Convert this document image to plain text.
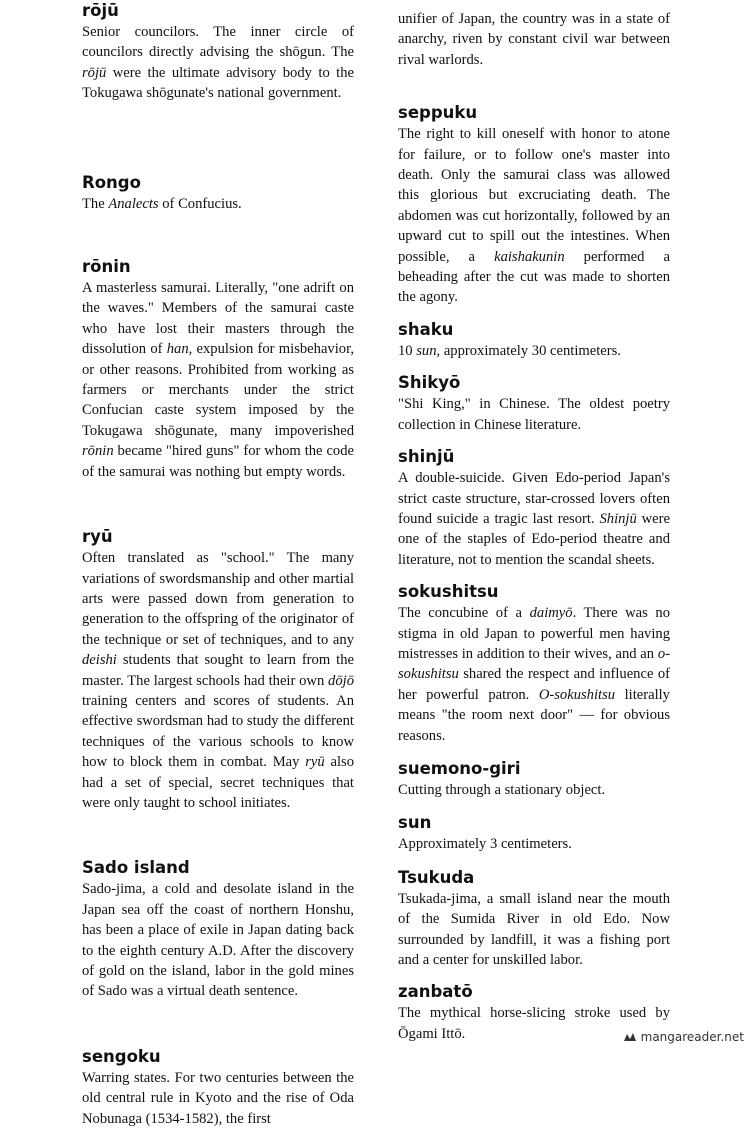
rōjū

Senior councilors. The inner circle of councilors directly advising the shōgun. The rōjū were the ultimate advisory body to the Tokugawa shōgunate's national government.

Rongo

The Analects of Confucius.

rōnin

A masterless samurai. Literally, "one adrift on the waves." Members of the samurai caste who have lost their masters through the dissolution of han, expulsion for misbehavior, or other reasons. Prohibited from working as farmers or merchants under the strict Confucian caste system imposed by the Tokugawa shōgunate, many impoverished rōnin became "hired guns" for whom the code of the samurai was nothing but empty words.

ryū

Often translated as "school." The many variations of swordsmanship and other martial arts were passed down from generation to generation to the offspring of the originator of the technique or set of techniques, and to any deishi students that sought to learn from the master. The largest schools had their own dōjō training centers and scores of students. An effective swordsman had to study the different techniques of the various schools to know how to block them in combat. May ryū also had a set of special, secret techniques that were only taught to school initiates.

Sado island

Sado-jima, a cold and desolate island in the Japan sea off the coast of northern Honshu, has been a place of exile in Japan dating back to the eighth century A.D. After the discovery of gold on the island, labor in the gold mines of Sado was a virtual death sentence.

sengoku

Warring states. For two centuries between the old central rule in Kyoto and the rise of Oda Nobunaga (1534-1582), the first

unifier of Japan, the country was in a state of anarchy, riven by constant civil war between rival warlords.

seppuku

The right to kill oneself with honor to atone for failure, or to follow one's master into death. Only the samurai class was allowed this glorious but excruciating death. The abdomen was cut horizontally, followed by an upward cut to spill out the intestines. When possible, a kaishakunin performed a beheading after the cut was made to shorten the agony.

shaku

10 sun, approximately 30 centimeters.

Shikyō

"Shi King," in Chinese. The oldest poetry collection in Chinese literature.

shinjū

A double-suicide. Given Edo-period Japan's strict caste structure, star-crossed lovers often found suicide a tragic last resort. Shinjū were one of the staples of Edo-period theatre and literature, not to mention the scandal sheets.

sokushitsu

The concubine of a daimyō. There was no stigma in old Japan to powerful men having mistresses in addition to their wives, and an o-sokushitsu shared the respect and influence of her powerful patron. O-sokushitsu literally means "the room next door" — for obvious reasons.

suemono-giri

Cutting through a stationary object.

sun

Approximately 3 centimeters.

Tsukuda

Tsukada-jima, a small island near the mouth of the Sumida River in old Edo. Now surrounded by landfill, it was a fishing port and a center for unskilled labor.

zanbatō

The mythical horse-slicing stroke used by Ōgami Ittō.	mangareader.net
